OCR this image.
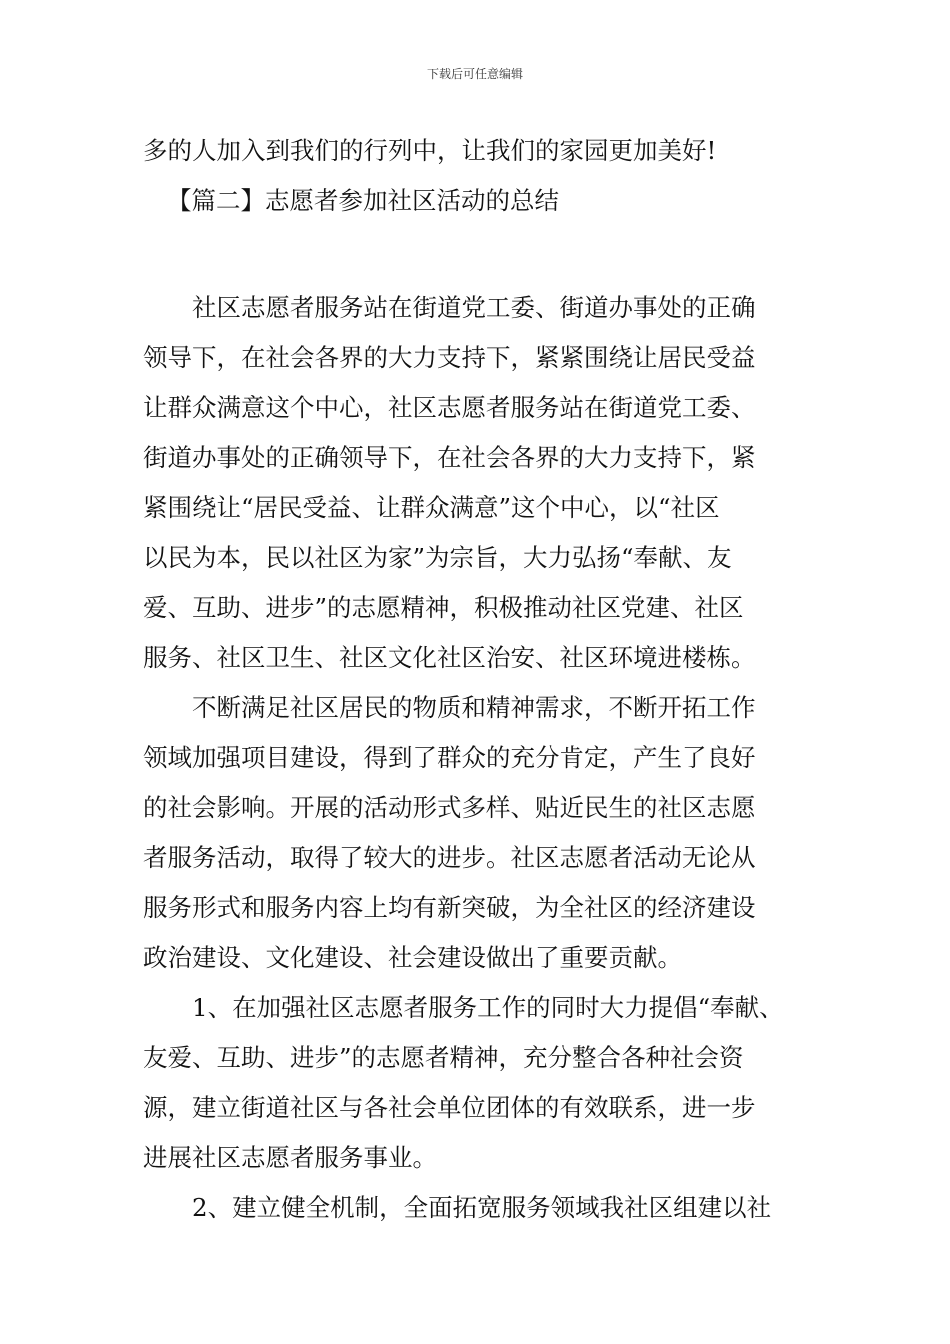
下载后可任意编辑
多的人加入到我们的行列中，让我们的家园更加美好!
【篇二】志愿者参加社区活动的总结
社区志愿者服务站在街道党工委、街道办事处的正确
领导下，在社会各界的大力支持下，紧紧围绕让居民受益
让群众满意这个中心，社区志愿者服务站在街道党工委、
街道办事处的正确领导下，在社会各界的大力支持下，紧
紧围绕让“居民受益、让群众满意”这个中心，以“社区
以民为本，民以社区为家”为宗旨，大力弘扬“奉献、友
爱、互助、进步”的志愿精神，积极推动社区党建、社区
服务、社区卫生、社区文化社区治安、社区环境进楼栋。
不断满足社区居民的物质和精神需求，不断开拓工作
领域加强项目建设，得到了群众的充分肯定，产生了良好
的社会影响。开展的活动形式多样、贴近民生的社区志愿
者服务活动，取得了较大的进步。社区志愿者活动无论从
服务形式和服务内容上均有新突破，为全社区的经济建设
政治建设、文化建设、社会建设做出了重要贡献。
1、在加强社区志愿者服务工作的同时大力提倡“奉献、
友爱、互助、进步”的志愿者精神，充分整合各种社会资
源，建立街道社区与各社会单位团体的有效联系，进一步
进展社区志愿者服务事业。
2、建立健全机制，全面拓宽服务领域我社区组建以社
